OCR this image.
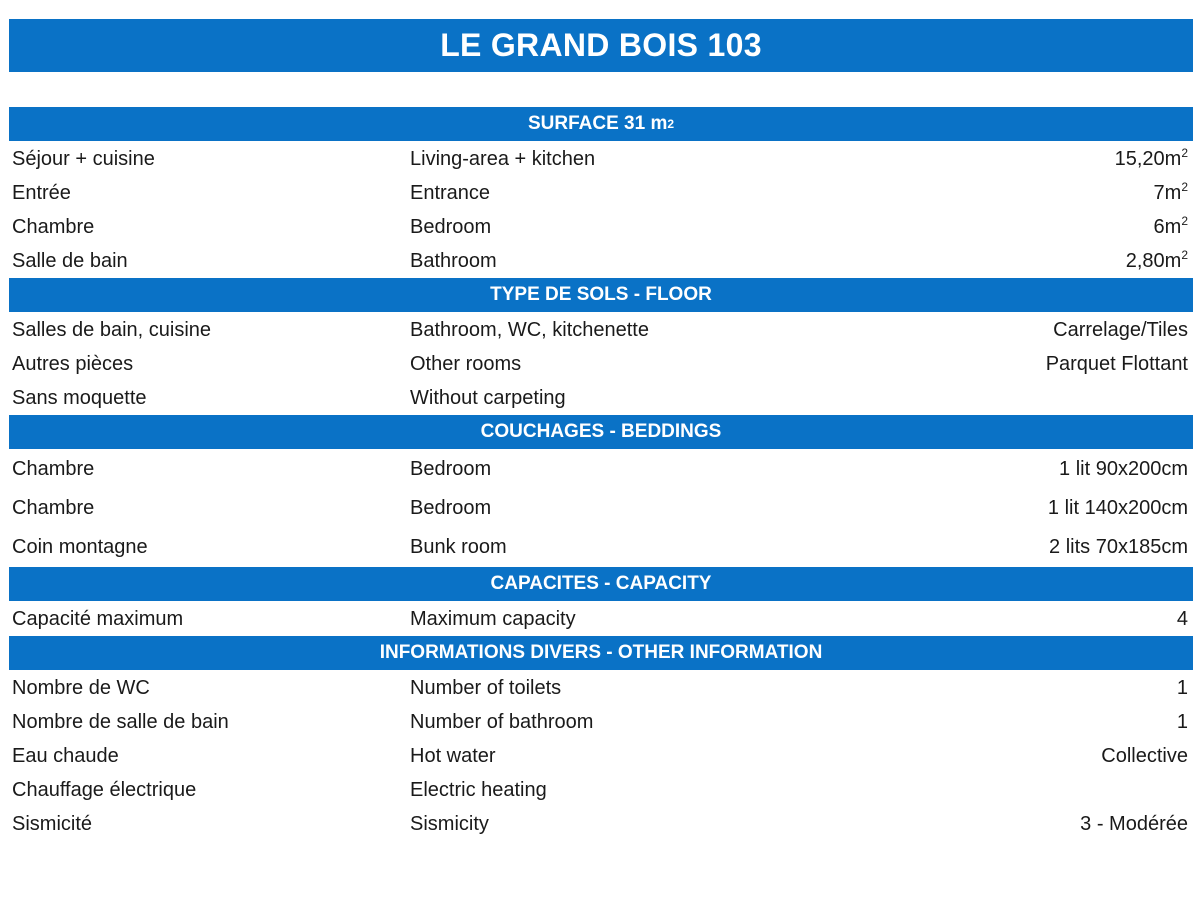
LE GRAND BOIS 103
SURFACE 31 m 2
Séjour + cuisine	Living-area + kitchen	$15,20m^2$
Entrée	Entrance	$7m^2$
Chambre	Bedroom	$6m^2$
Salle de bain	Bathroom	$2,80m^2$
TYPE DE SOLS - FLOOR
Salles de bain, cuisine	Bathroom, WC, kitchenette	Carrelage/Tiles
Autres pièces	Other rooms	Parquet Flottant
Sans moquette	Without carpeting
COUCHAGES - BEDDINGS
Chambre	Bedroom	1 lit 90x200cm
Chambre	Bedroom	1 lit 140x200cm
Coin montagne	Bunk room	2 lits 70x185cm
CAPACITES - CAPACITY
Capacité maximum	Maximum capacity	4
INFORMATIONS DIVERS - OTHER INFORMATION
Nombre de WC	Number of toilets	1
Nombre de salle de bain	Number of bathroom	1
Eau chaude	Hot water	Collective
Chauffage électrique	Electric heating
Sismicité	Sismicity	3 - Modérée
